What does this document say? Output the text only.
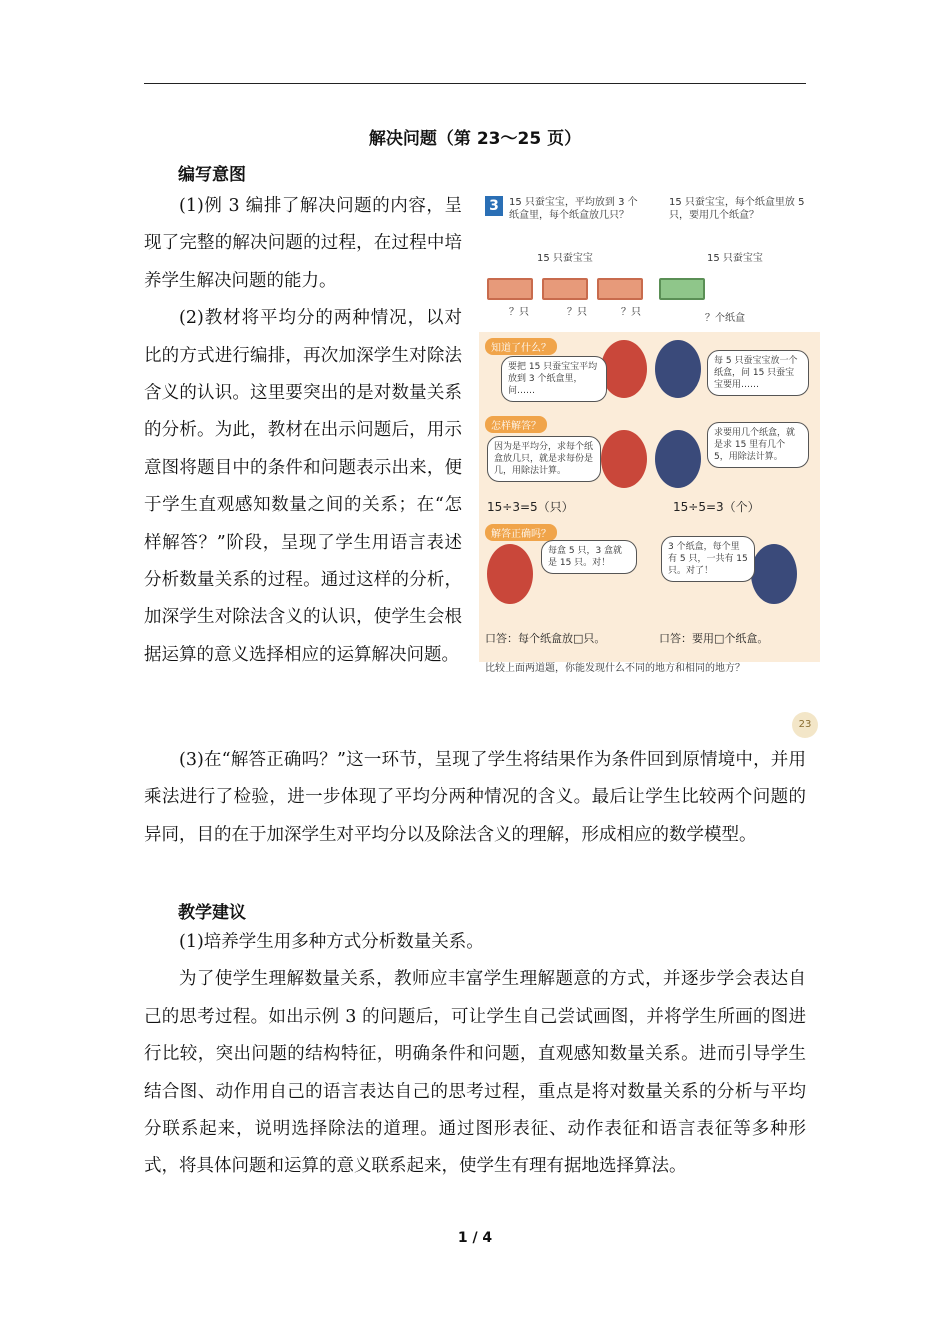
解决问题（第 23～25 页）
编写意图

(1)例 3 编排了解决问题的内容，呈现了完整的解决问题的过程，在过程中培养学生解决问题的能力。

(2)教材将平均分的两种情况，以对比的方式进行编排，再次加深学生对除法含义的认识。这里要突出的是对数量关系的分析。为此，教材在出示问题后，用示意图将题目中的条件和问题表示出来，便于学生直观感知数量之间的关系；在“怎样解答？”阶段，呈现了学生用语言表述分析数量关系的过程。通过这样的分析，加深学生对除法含义的认识，使学生会根据运算的意义选择相应的运算解决问题。

3	15 只蚕宝宝，平均放到 3 个纸盒里，每个纸盒放几只？
15 只蚕宝宝，每个纸盒里放 5 只，要用几个纸盒？
15 只蚕宝宝	15 只蚕宝宝
？只	？只	？只
？个纸盒
知道了什么？
要把 15 只蚕宝宝平均放到 3 个纸盒里，问……
每 5 只蚕宝宝放一个纸盒，问 15 只蚕宝宝要用……
怎样解答？
因为是平均分，求每个纸盒放几只，就是求每份是几，用除法计算。
求要用几个纸盒，就是求 15 里有几个 5，用除法计算。
15÷3=5（只）	15÷5=3（个）
解答正确吗？
每盒 5 只，3 盒就是 15 只。对！
3 个纸盒，每个里有 5 只，一共有 15 只。对了！
口答：每个纸盒放□只。	口答：要用□个纸盒。
比较上面两道题，你能发现什么不同的地方和相同的地方？
23

(3)在“解答正确吗？”这一环节，呈现了学生将结果作为条件回到原情境中，并用乘法进行了检验，进一步体现了平均分两种情况的含义。最后让学生比较两个问题的异同，目的在于加深学生对平均分以及除法含义的理解，形成相应的数学模型。

教学建议

(1)培养学生用多种方式分析数量关系。

为了使学生理解数量关系，教师应丰富学生理解题意的方式，并逐步学会表达自己的思考过程。如出示例 3 的问题后，可让学生自己尝试画图，并将学生所画的图进行比较，突出问题的结构特征，明确条件和问题，直观感知数量关系。进而引导学生结合图、动作用自己的语言表达自己的思考过程，重点是将对数量关系的分析与平均分联系起来，说明选择除法的道理。通过图形表征、动作表征和语言表征等多种形式，将具体问题和运算的意义联系起来，使学生有理有据地选择算法。

1 / 4
